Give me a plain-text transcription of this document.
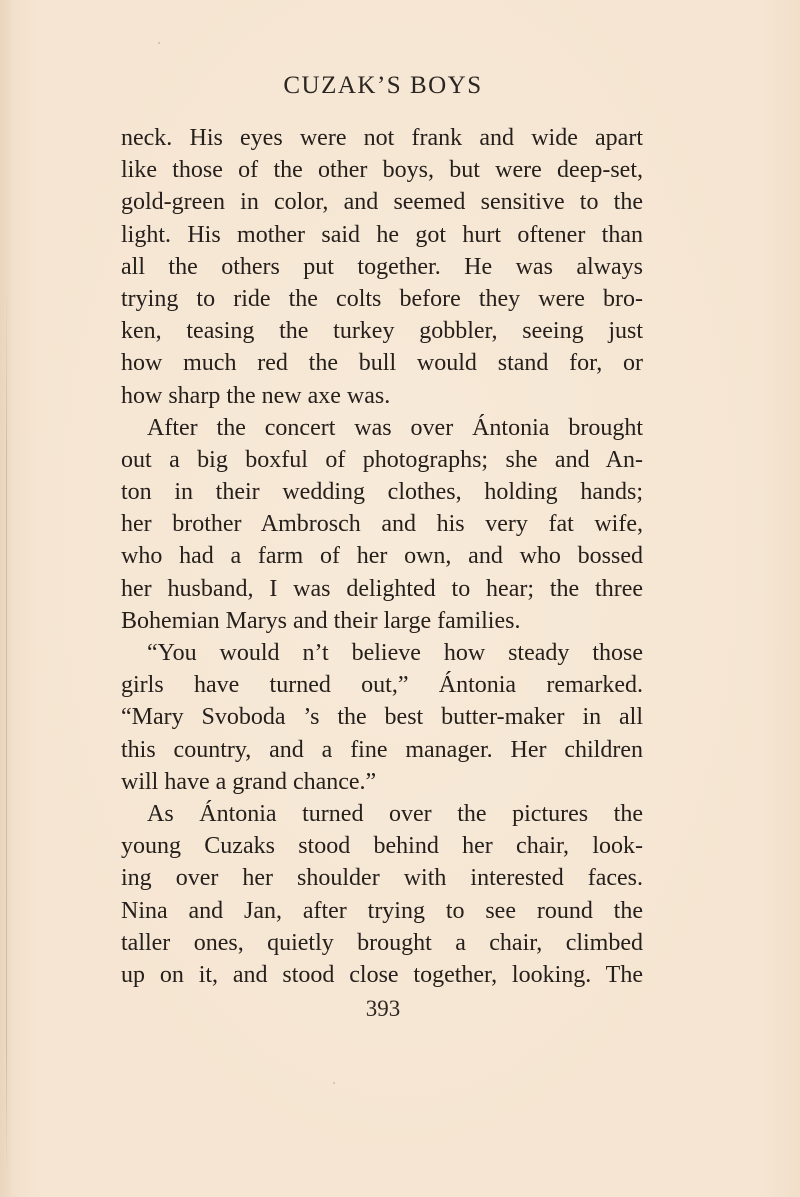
CUZAK’S BOYS
neck. His eyes were not frank and wide apart
like those of the other boys, but were deep-set,
gold-green in color, and seemed sensitive to the
light. His mother said he got hurt oftener than
all the others put together. He was always
trying to ride the colts before they were bro-
ken, teasing the turkey gobbler, seeing just
how much red the bull would stand for, or
how sharp the new axe was.
After the concert was over Ántonia brought
out a big boxful of photographs; she and An-
ton in their wedding clothes, holding hands;
her brother Ambrosch and his very fat wife,
who had a farm of her own, and who bossed
her husband, I was delighted to hear; the three
Bohemian Marys and their large families.
“You would n’t believe how steady those
girls have turned out,” Ántonia remarked.
“Mary Svoboda ’s the best butter-maker in all
this country, and a fine manager. Her children
will have a grand chance.”
As Ántonia turned over the pictures the
young Cuzaks stood behind her chair, look-
ing over her shoulder with interested faces.
Nina and Jan, after trying to see round the
taller ones, quietly brought a chair, climbed
up on it, and stood close together, looking. The
393
